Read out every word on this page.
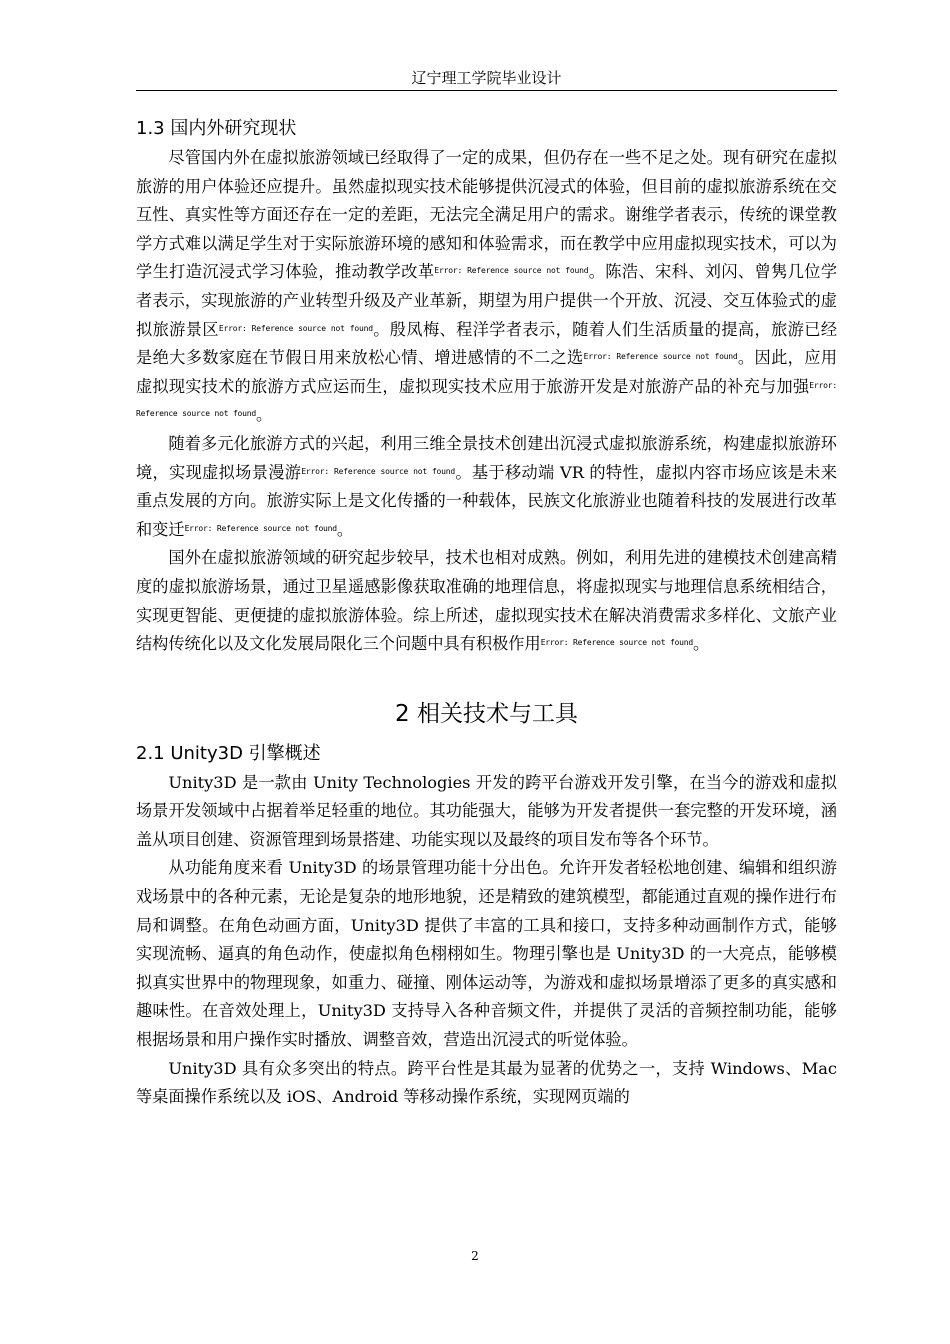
辽宁理工学院毕业设计
1.3 国内外研究现状

尽管国内外在虚拟旅游领域已经取得了一定的成果，但仍存在一些不足之处。现有研究在虚拟旅游的用户体验还应提升。虽然虚拟现实技术能够提供沉浸式的体验，但目前的虚拟旅游系统在交互性、真实性等方面还存在一定的差距，无法完全满足用户的需求。谢维学者表示，传统的课堂教学方式难以满足学生对于实际旅游环境的感知和体验需求，而在教学中应用虚拟现实技术，可以为学生打造沉浸式学习体验，推动教学改革$^{Error: Reference source not found}$。陈浩、宋科、刘闪、曾隽几位学者表示，实现旅游的产业转型升级及产业革新，期望为用户提供一个开放、沉浸、交互体验式的虚拟旅游景区$^{Error: Reference source not found}$。殷凤梅、程洋学者表示，随着人们生活质量的提高，旅游已经是绝大多数家庭在节假日用来放松心情、增进感情的不二之选$^{Error: Reference source not found}$。因此，应用虚拟现实技术的旅游方式应运而生，虚拟现实技术应用于旅游开发是对旅游产品的补充与加强$^{Error: Reference source not found}$。

随着多元化旅游方式的兴起，利用三维全景技术创建出沉浸式虚拟旅游系统，构建虚拟旅游环境，实现虚拟场景漫游$^{Error: Reference source not found}$。基于移动端 VR 的特性，虚拟内容市场应该是未来重点发展的方向。旅游实际上是文化传播的一种载体，民族文化旅游业也随着科技的发展进行改革和变迁$^{Error: Reference source not found}$。

国外在虚拟旅游领域的研究起步较早，技术也相对成熟。例如，利用先进的建模技术创建高精度的虚拟旅游场景，通过卫星遥感影像获取准确的地理信息，将虚拟现实与地理信息系统相结合，实现更智能、更便捷的虚拟旅游体验。综上所述，虚拟现实技术在解决消费需求多样化、文旅产业结构传统化以及文化发展局限化三个问题中具有积极作用$^{Error: Reference source not found}$。

2 相关技术与工具
2.1 Unity3D 引擎概述

Unity3D 是一款由 Unity Technologies 开发的跨平台游戏开发引擎，在当今的游戏和虚拟场景开发领域中占据着举足轻重的地位。其功能强大，能够为开发者提供一套完整的开发环境，涵盖从项目创建、资源管理到场景搭建、功能实现以及最终的项目发布等各个环节。

从功能角度来看 Unity3D 的场景管理功能十分出色。允许开发者轻松地创建、编辑和组织游戏场景中的各种元素，无论是复杂的地形地貌，还是精致的建筑模型，都能通过直观的操作进行布局和调整。在角色动画方面，Unity3D 提供了丰富的工具和接口，支持多种动画制作方式，能够实现流畅、逼真的角色动作，使虚拟角色栩栩如生。物理引擎也是 Unity3D 的一大亮点，能够模拟真实世界中的物理现象，如重力、碰撞、刚体运动等，为游戏和虚拟场景增添了更多的真实感和趣味性。在音效处理上，Unity3D 支持导入各种音频文件，并提供了灵活的音频控制功能，能够根据场景和用户操作实时播放、调整音效，营造出沉浸式的听觉体验。

Unity3D 具有众多突出的特点。跨平台性是其最为显著的优势之一，支持 Windows、Mac 等桌面操作系统以及 iOS、Android 等移动操作系统，实现网页端的

2
